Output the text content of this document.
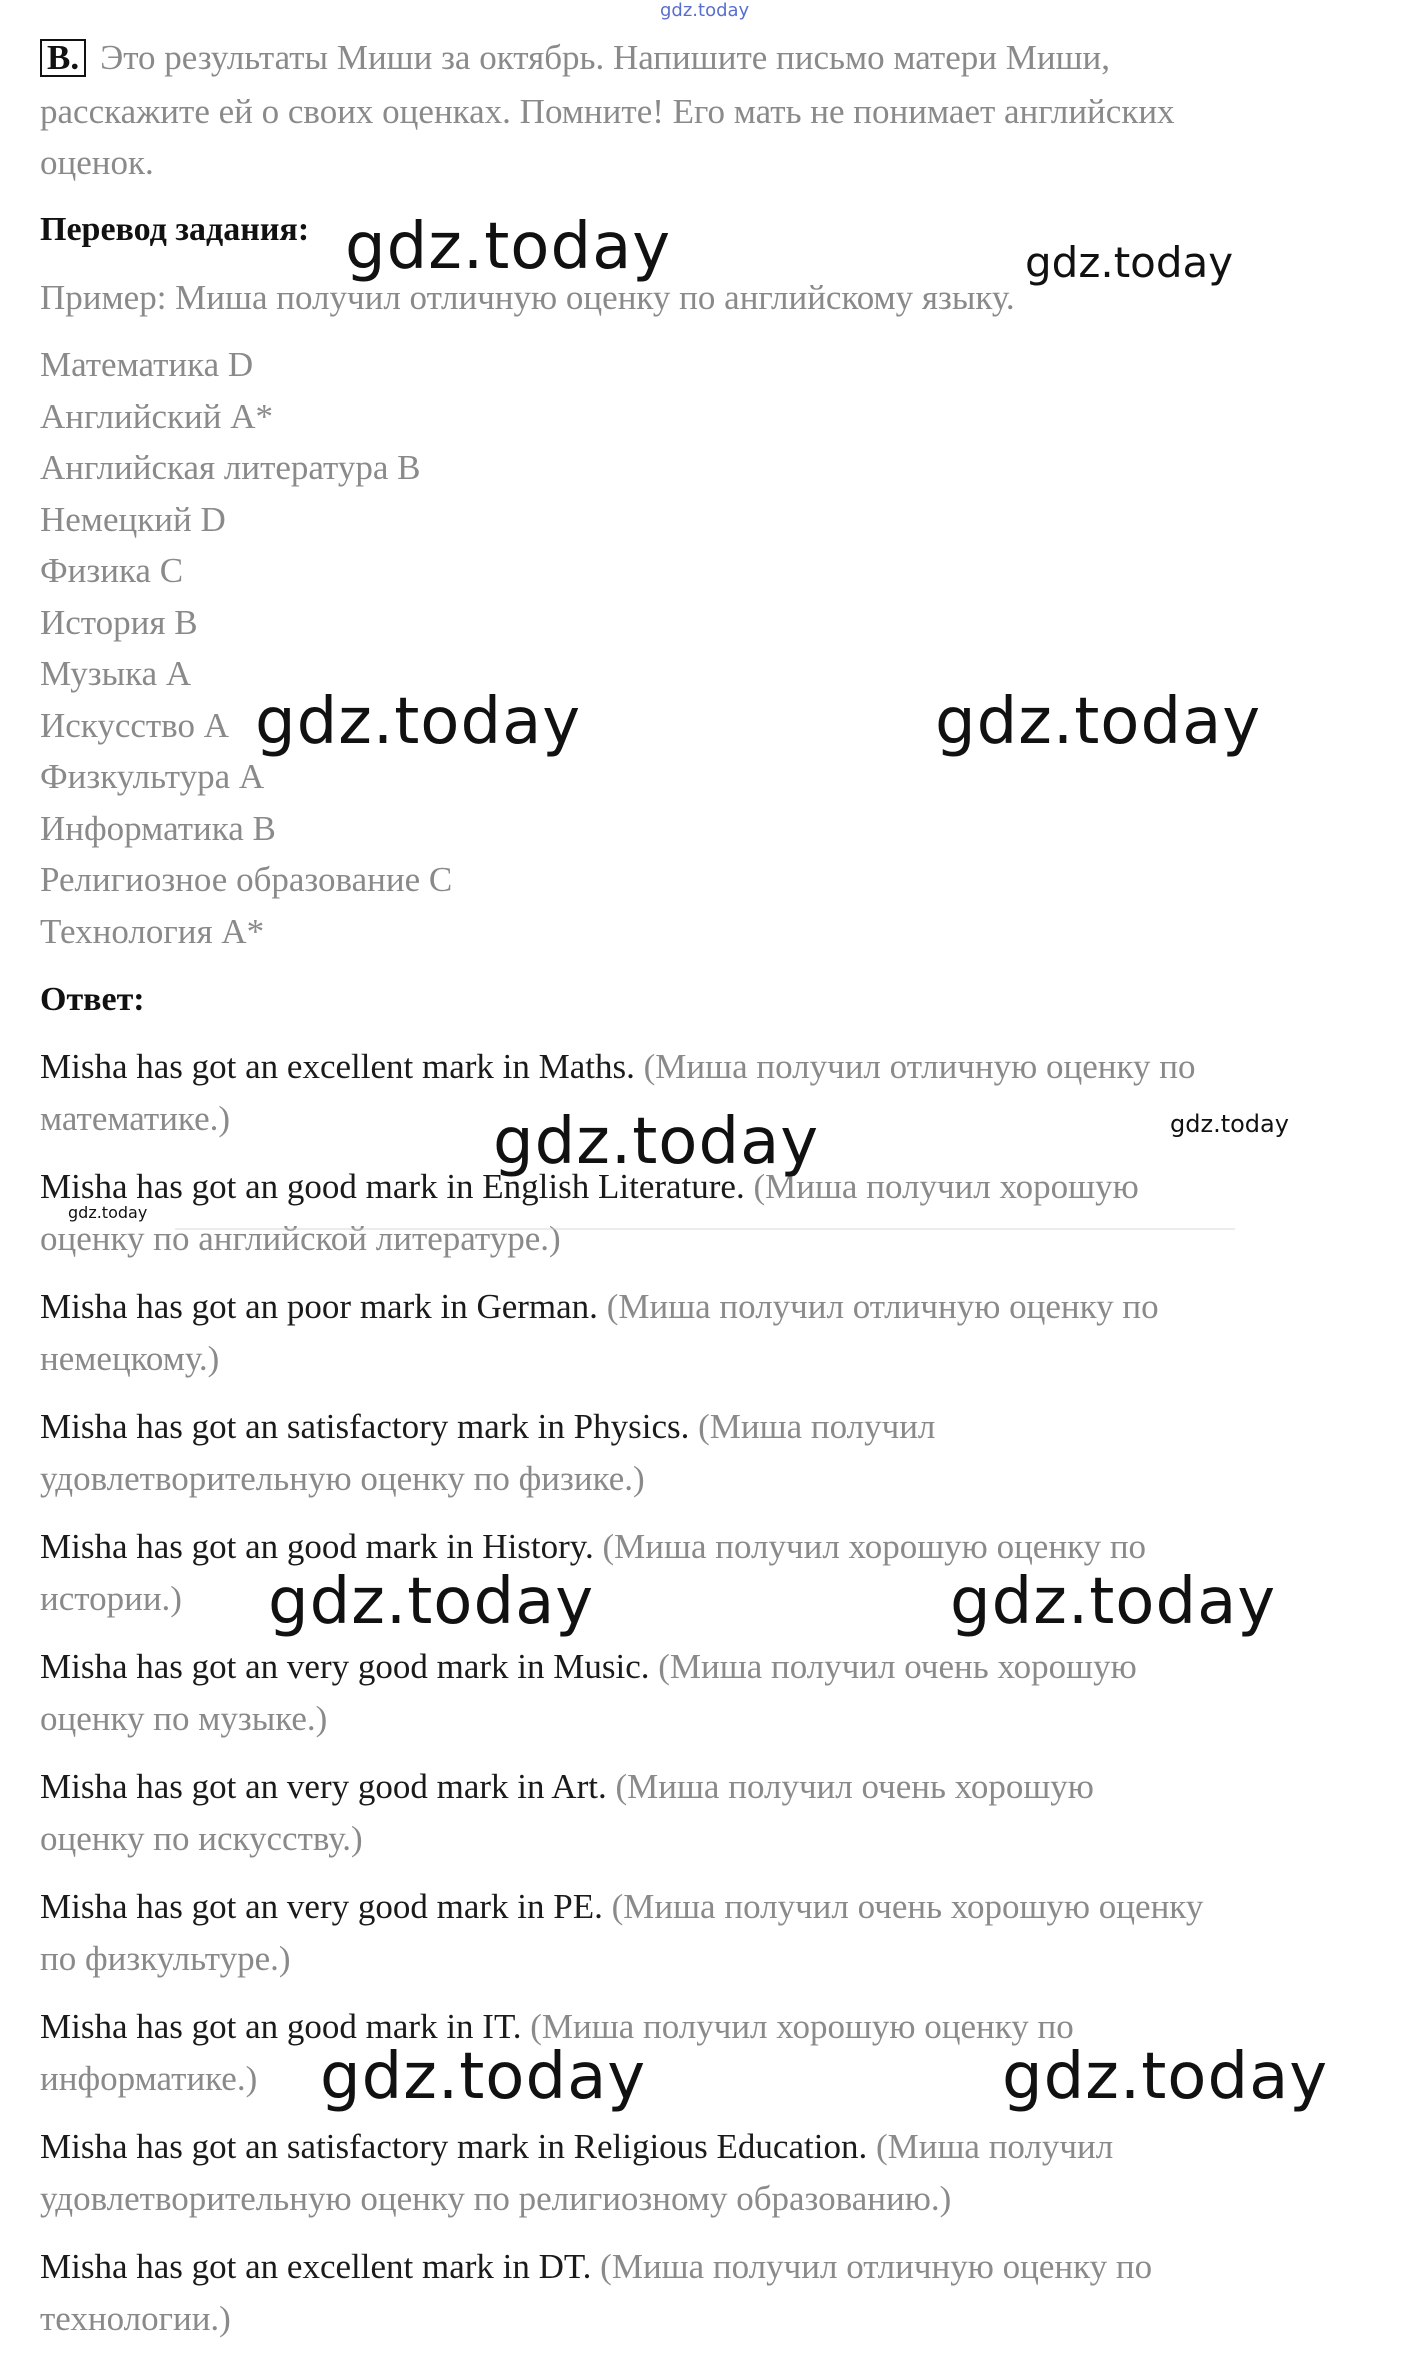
gdz.today
B. Это результаты Миши за октябрь. Напишите письмо матери Миши,
расскажите ей о своих оценках. Помните! Его мать не понимает английских
оценок.
Перевод задания:
Пример: Миша получил отличную оценку по английскому языку.
Математика D
Английский A*
Английская литература B
Немецкий D
Физика C
История B
Музыка A
Искусство A
Физкультура A
Информатика B
Религиозное образование C
Технология A*
Ответ:
Misha has got an excellent mark in Maths. (Миша получил отличную оценку по
математике.)
Misha has got an good mark in English Literature. (Миша получил хорошую
оценку по английской литературе.)
Misha has got an poor mark in German. (Миша получил отличную оценку по
немецкому.)
Misha has got an satisfactory mark in Physics. (Миша получил
удовлетворительную оценку по физике.)
Misha has got an good mark in History. (Миша получил хорошую оценку по
истории.)
Misha has got an very good mark in Music. (Миша получил очень хорошую
оценку по музыке.)
Misha has got an very good mark in Art. (Миша получил очень хорошую
оценку по искусству.)
Misha has got an very good mark in PE. (Миша получил очень хорошую оценку
по физкультуре.)
Misha has got an good mark in IT. (Миша получил хорошую оценку по
информатике.)
Misha has got an satisfactory mark in Religious Education. (Миша получил
удовлетворительную оценку по религиозному образованию.)
Misha has got an excellent mark in DT. (Миша получил отличную оценку по
технологии.)
gdz.today	gdz.today
gdz.today	gdz.today
gdz.today	gdz.today
gdz.today
gdz.today	gdz.today
gdz.today	gdz.today
